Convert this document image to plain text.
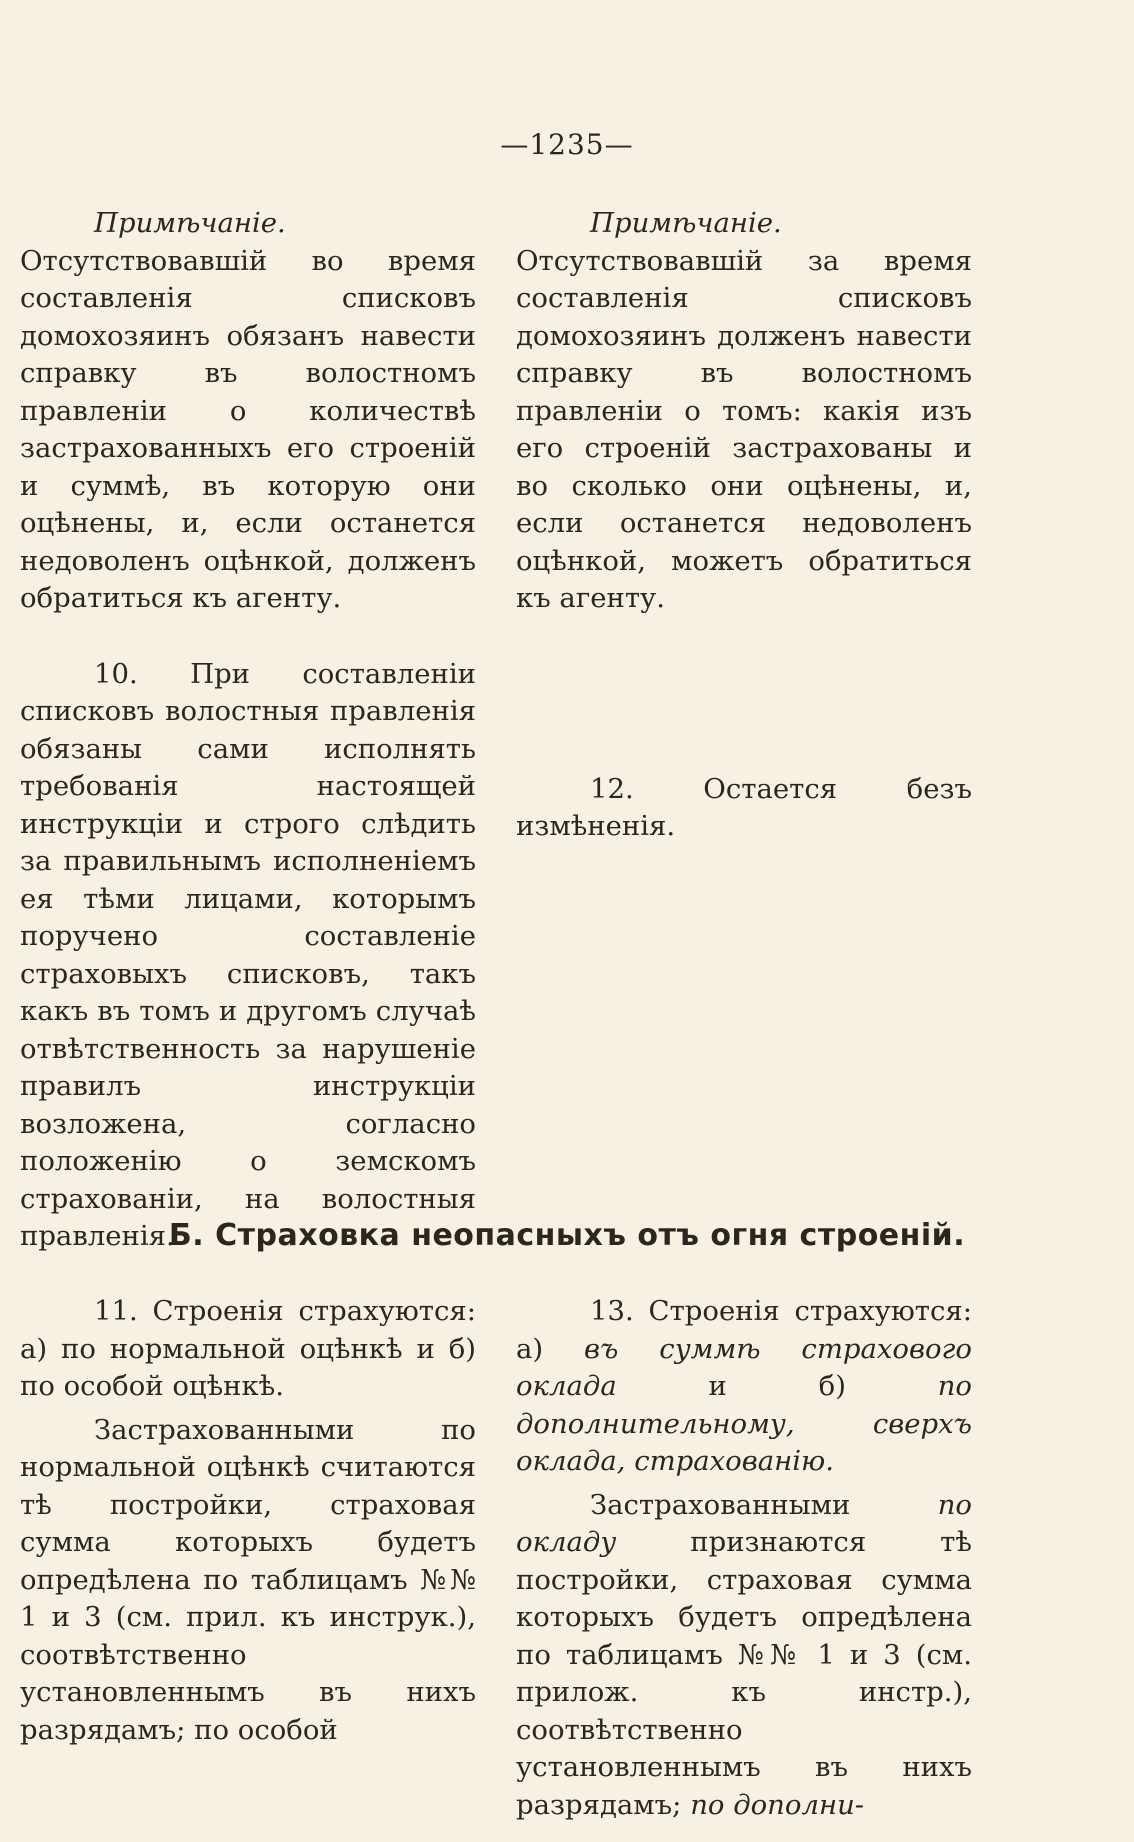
—1235—

Примѣчаніе. Отсутствовавшій во время составленія списковъ домохозяинъ обязанъ навести справку въ волостномъ правленіи о количествѣ застрахованныхъ его строеній и суммѣ, въ которую они оцѣнены, и, если останется недоволенъ оцѣнкой, долженъ обратиться къ агенту.

10. При составленіи списковъ волостныя правленія обязаны сами исполнять требованія настоящей инструкціи и строго слѣдить за правильнымъ исполненіемъ ея тѣми лицами, которымъ поручено составленіе страховыхъ списковъ, такъ какъ въ томъ и другомъ случаѣ отвѣтственность за нарушеніе правилъ инструкціи возложена, согласно положенію о земскомъ страхованіи, на волостныя правленія.

Примѣчаніе. Отсутствовавшій за время составленія списковъ домохозяинъ долженъ навести справку въ волостномъ правленіи о томъ: какія изъ его строеній застрахованы и во сколько они оцѣнены, и, если останется недоволенъ оцѣнкой, можетъ обратиться къ агенту.

12. Остается безъ измѣненія.

Б. Страховка неопасныхъ отъ огня строеній.

11. Строенія страхуются: а) по нормальной оцѣнкѣ и б) по особой оцѣнкѣ.

Застрахованными по нормальной оцѣнкѣ считаются тѣ постройки, страховая сумма которыхъ будетъ опредѣлена по таблицамъ №№ 1 и 3 (см. прил. къ инструк.), соотвѣтственно установленнымъ въ нихъ разрядамъ; по особой

13. Строенія страхуются: а) въ суммѣ страхового оклада	и б)	по дополнительному, сверхъ оклада, страхованію.

Застрахованными	по окладу	признаются тѣ постройки, страховая сумма которыхъ будетъ опредѣлена по таблицамъ №№ 1 и 3 (см. прилож. къ инстр.), соотвѣтственно установленнымъ въ нихъ разрядамъ; по дополни-
